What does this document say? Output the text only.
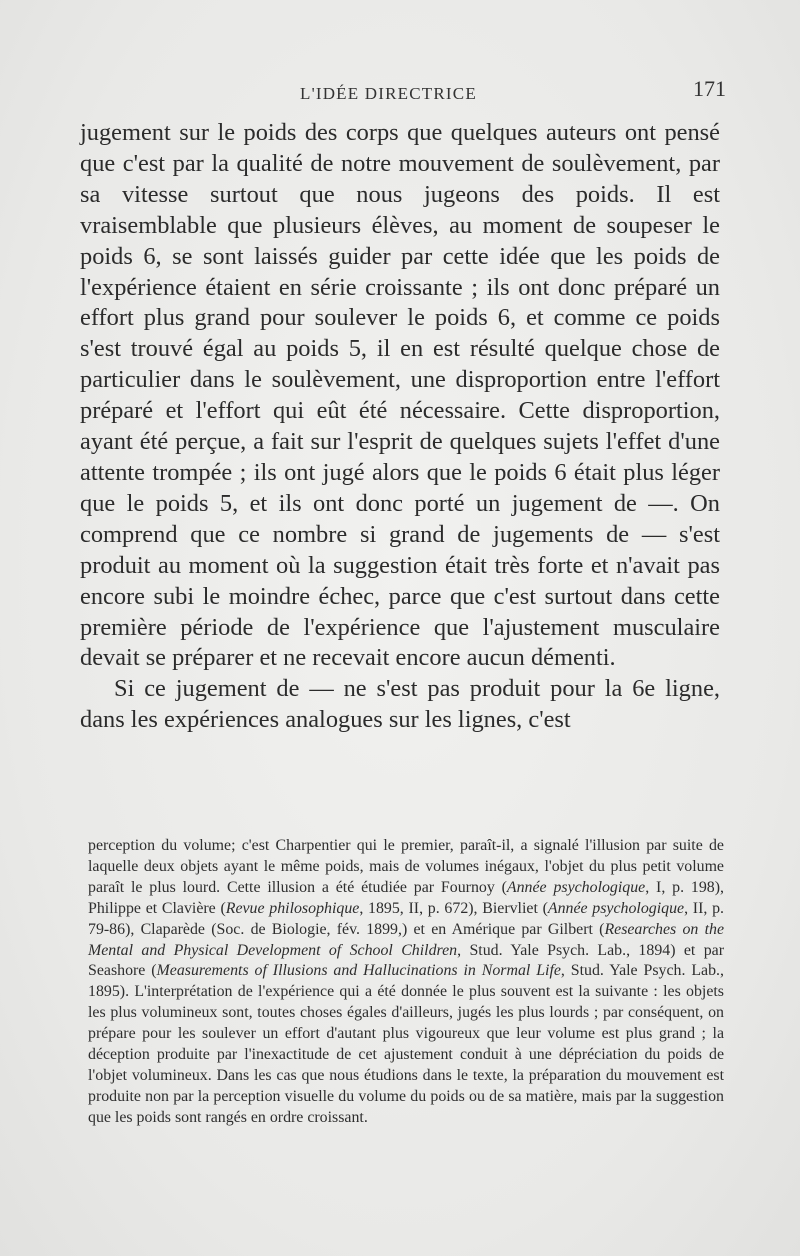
L'IDÉE DIRECTRICE	171

jugement sur le poids des corps que quelques auteurs ont pensé que c'est par la qualité de notre mouvement de soulèvement, par sa vitesse surtout que nous jugeons des poids. Il est vraisemblable que plusieurs élèves, au moment de soupeser le poids 6, se sont laissés guider par cette idée que les poids de l'expérience étaient en série croissante ; ils ont donc préparé un effort plus grand pour soulever le poids 6, et comme ce poids s'est trouvé égal au poids 5, il en est résulté quelque chose de particulier dans le soulèvement, une disproportion entre l'effort préparé et l'effort qui eût été nécessaire. Cette disproportion, ayant été perçue, a fait sur l'esprit de quelques sujets l'effet d'une attente trompée ; ils ont jugé alors que le poids 6 était plus léger que le poids 5, et ils ont donc porté un jugement de —. On comprend que ce nombre si grand de jugements de — s'est produit au moment où la suggestion était très forte et n'avait pas encore subi le moindre échec, parce que c'est surtout dans cette première période de l'expérience que l'ajustement musculaire devait se préparer et ne recevait encore aucun démenti.

Si ce jugement de — ne s'est pas produit pour la 6e ligne, dans les expériences analogues sur les lignes, c'est

perception du volume; c'est Charpentier qui le premier, paraît-il, a signalé l'illusion par suite de laquelle deux objets ayant le même poids, mais de volumes inégaux, l'objet du plus petit volume paraît le plus lourd. Cette illusion a été étudiée par Fournoy (Année psychologique, I, p. 198), Philippe et Clavière (Revue philosophique, 1895, II, p. 672), Biervliet (Année psychologique, II, p. 79-86), Claparède (Soc. de Biologie, fév. 1899,) et en Amérique par Gilbert (Researches on the Mental and Physical Development of School Children, Stud. Yale Psych. Lab., 1894) et par Seashore (Measurements of Illusions and Hallucinations in Normal Life, Stud. Yale Psych. Lab., 1895). L'interprétation de l'expérience qui a été donnée le plus souvent est la suivante : les objets les plus volumineux sont, toutes choses égales d'ailleurs, jugés les plus lourds ; par conséquent, on prépare pour les soulever un effort d'autant plus vigoureux que leur volume est plus grand ; la déception produite par l'inexactitude de cet ajustement conduit à une dépréciation du poids de l'objet volumineux. Dans les cas que nous étudions dans le texte, la préparation du mouvement est produite non par la perception visuelle du volume du poids ou de sa matière, mais par la suggestion que les poids sont rangés en ordre croissant.
